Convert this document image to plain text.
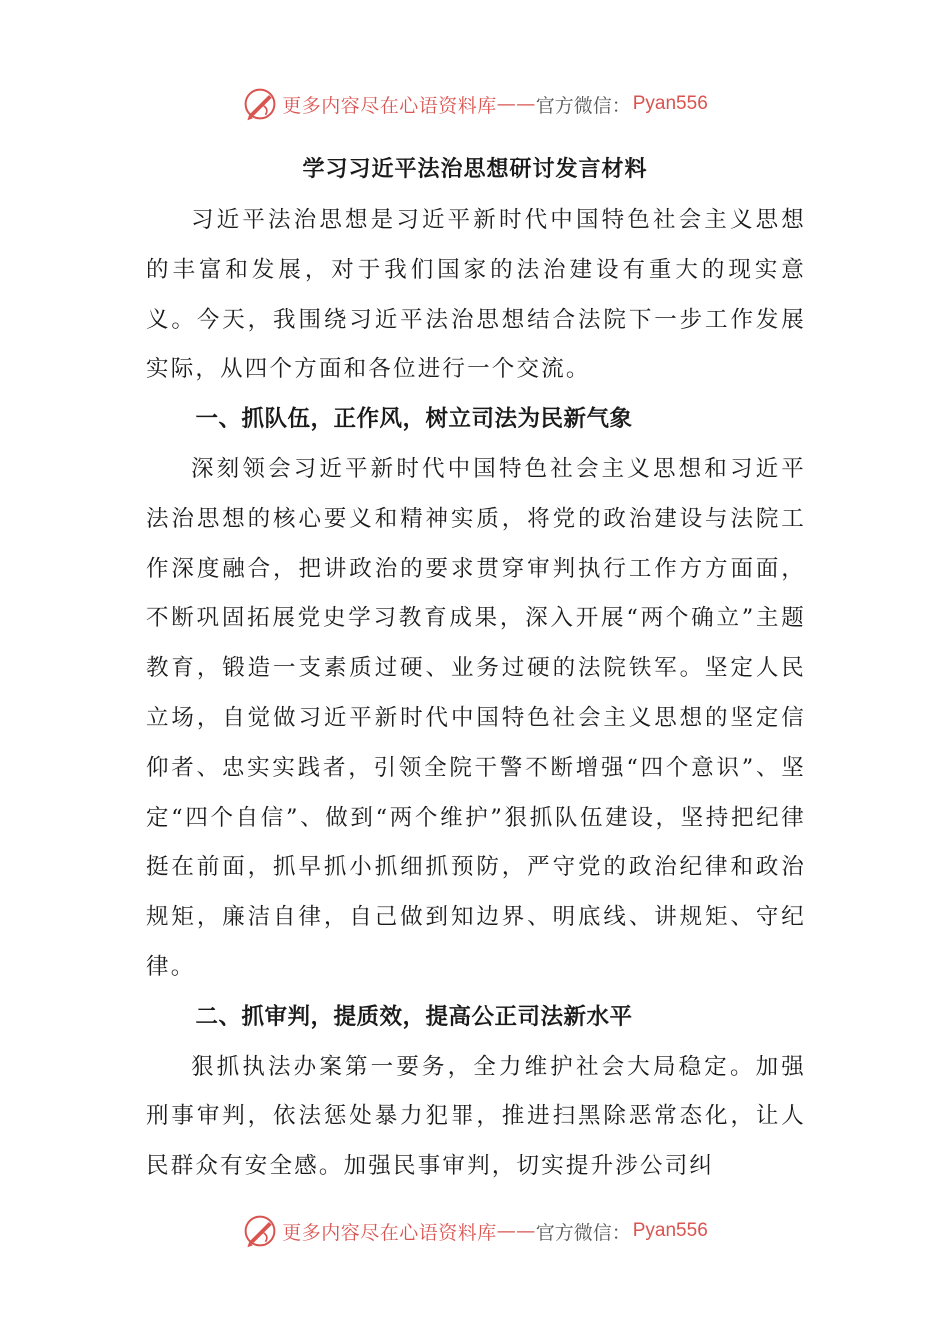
更多内容尽在心语资料库 —— 官方微信： Pyan556
学习习近平法治思想研讨发言材料

习近平法治思想是习近平新时代中国特色社会主义思想的丰富和发展，对于我们国家的法治建设有重大的现实意义。今天，我围绕习近平法治思想结合法院下一步工作发展实际，从四个方面和各位进行一个交流。

一、抓队伍，正作风，树立司法为民新气象

深刻领会习近平新时代中国特色社会主义思想和习近平法治思想的核心要义和精神实质，将党的政治建设与法院工作深度融合，把讲政治的要求贯穿审判执行工作方方面面，不断巩固拓展党史学习教育成果，深入开展“两个确立”主题教育，锻造一支素质过硬、业务过硬的法院铁军。坚定人民立场，自觉做习近平新时代中国特色社会主义思想的坚定信仰者、忠实实践者，引领全院干警不断增强“四个意识”、坚定“四个自信”、做到“两个维护”狠抓队伍建设，坚持把纪律挺在前面，抓早抓小抓细抓预防，严守党的政治纪律和政治规矩，廉洁自律，自己做到知边界、明底线、讲规矩、守纪律。

二、抓审判，提质效，提高公正司法新水平

狠抓执法办案第一要务，全力维护社会大局稳定。加强刑事审判，依法惩处暴力犯罪，推进扫黑除恶常态化，让人民群众有安全感。加强民事审判，切实提升涉公司纠

更多内容尽在心语资料库 —— 官方微信： Pyan556
